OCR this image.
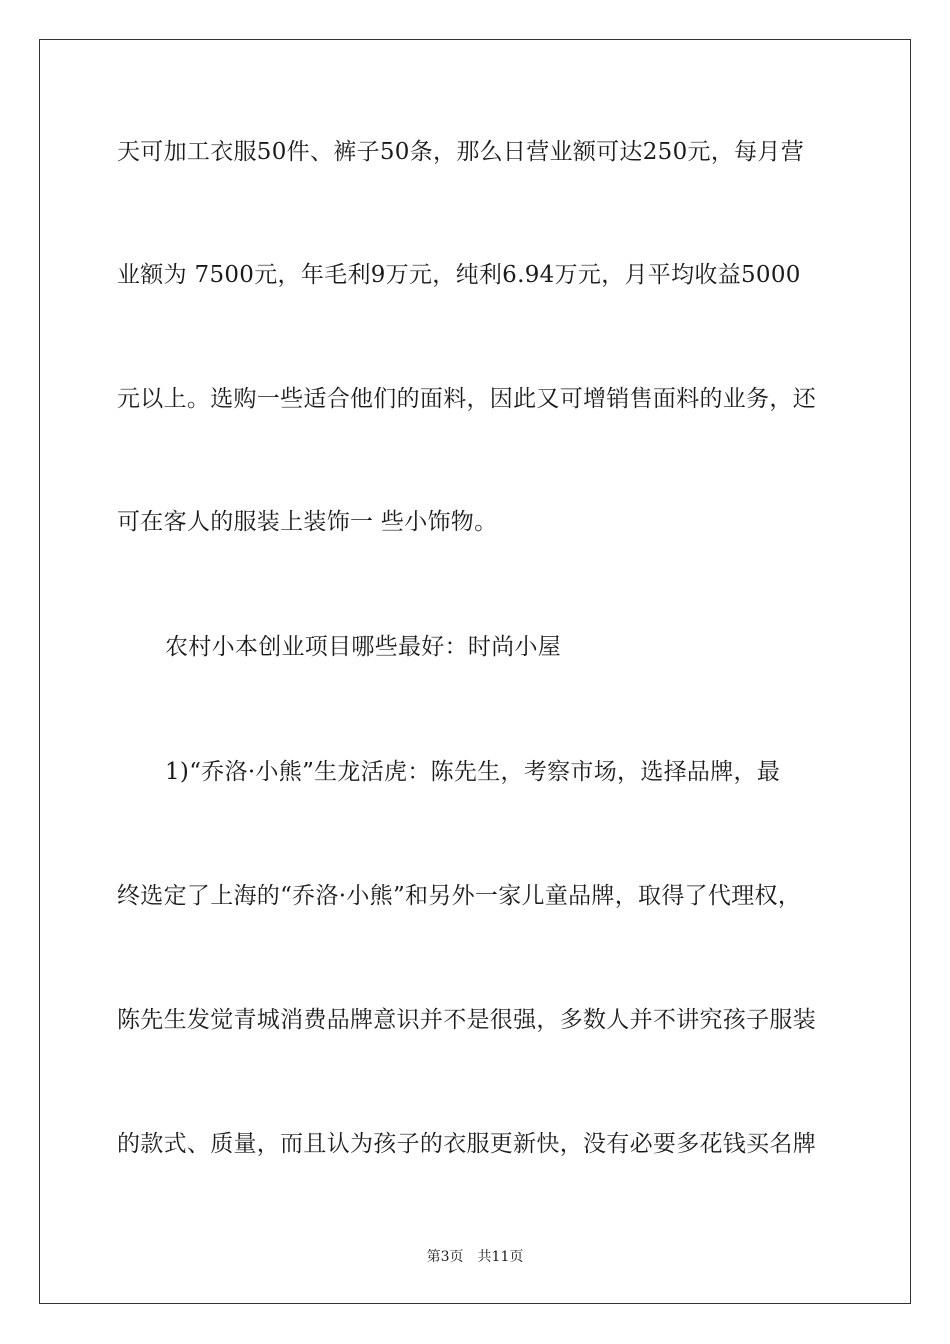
天可加工衣服50件、裤子50条，那么日营业额可达250元，每月营
业额为 7500元，年毛利9万元，纯利6.94万元，月平均收益5000
元以上。选购一些适合他们的面料，因此又可增销售面料的业务，还
可在客人的服装上装饰一 些小饰物。
农村小本创业项目哪些最好：时尚小屋
1)“乔洛·小熊”生龙活虎：陈先生，考察市场，选择品牌，最
终选定了上海的“乔洛·小熊”和另外一家儿童品牌，取得了代理权，
陈先生发觉青城消费品牌意识并不是很强，多数人并不讲究孩子服装
的款式、质量，而且认为孩子的衣服更新快，没有必要多花钱买名牌
第3页 共11页
